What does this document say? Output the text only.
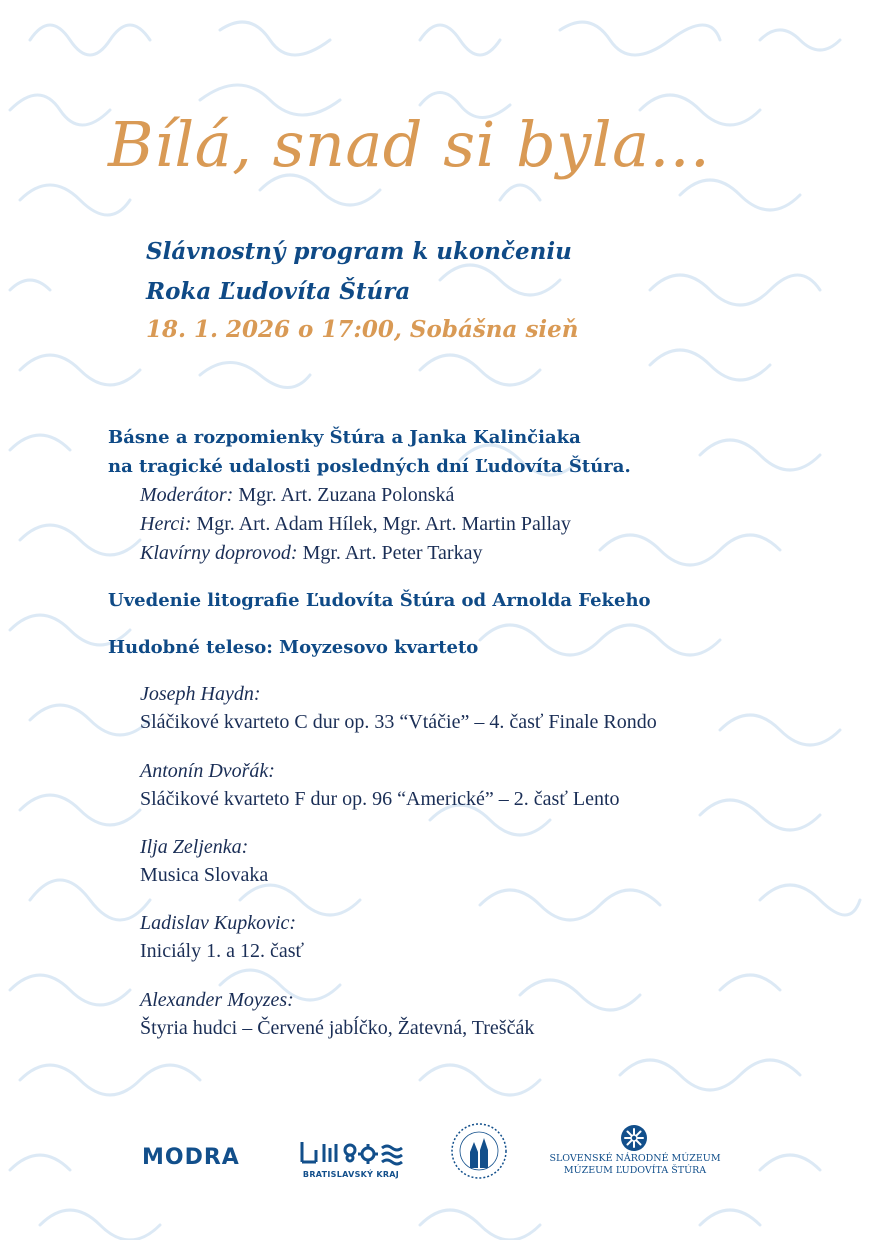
Bílá, snad si byla...
Slávnostný program k ukončeniu
Roka Ľudovíta Štúra
18. 1. 2026 o 17:00, Sobášna sieň
Básne a rozpomienky Štúra a Janka Kalinčiaka
na tragické udalosti posledných dní Ľudovíta Štúra.
Moderátor: Mgr. Art. Zuzana Polonská
Herci: Mgr. Art. Adam Hílek, Mgr. Art. Martin Pallay
Klavírny doprovod: Mgr. Art. Peter Tarkay
Uvedenie litografie Ľudovíta Štúra od Arnolda Fekeho
Hudobné teleso: Moyzesovo kvarteto
Joseph Haydn:
Sláčikové kvarteto C dur op. 33 “Vtáčie” – 4. časť Finale Rondo
Antonín Dvořák:
Sláčikové kvarteto F dur op. 96 “Americké” – 2. časť Lento
Ilja Zeljenka:
Musica Slovaka
Ladislav Kupkovic:
Iniciály 1. a 12. časť
Alexander Moyzes:
Štyria hudci – Červené jabĺčko, Žatevná, Treščák
MODRA
BRATISLAVSKÝ KRAJ
SLOVENSKÉ NÁRODNÉ MÚZEUM
MÚZEUM ĽUDOVÍTA ŠTÚRA
